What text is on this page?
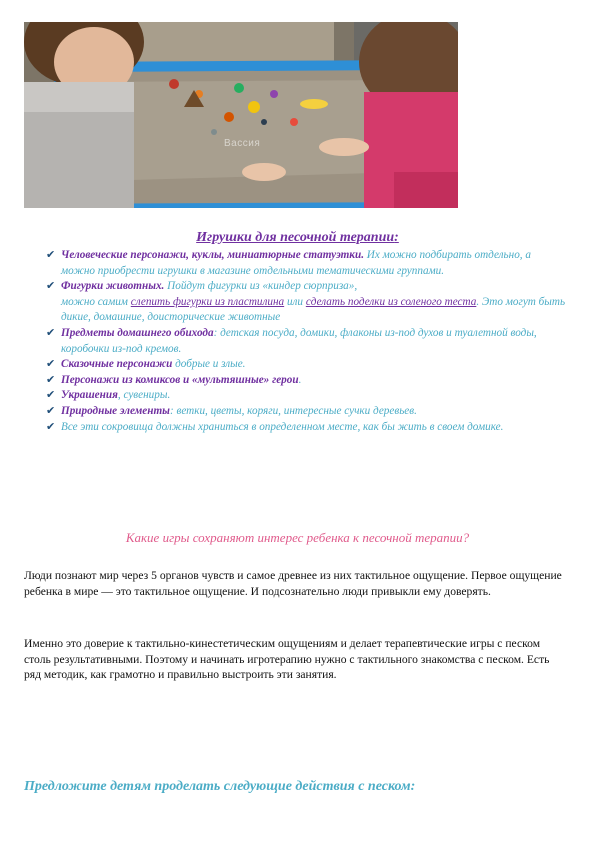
Вассия
Игрушки для песочной терапии:
✔ Человеческие персонажи, куклы, миниатюрные статуэтки. Их можно подбирать отдельно, а можно приобрести игрушки в магазине отдельными тематическими группами.
✔ Фигурки животных. Пойдут фигурки из «киндер сюрприза»,
можно самим слепить фигурки из пластилина или сделать поделки из соленого теста. Это могут быть дикие, домашние, доисторические животные
✔ Предметы домашнего обихода: детская посуда, домики, флаконы из-под духов и туалетной воды, коробочки из-под кремов.
✔ Сказочные персонажи добрые и злые.
✔ Персонажи из комиксов и «мультяшные» герои.
✔ Украшения, сувениры.
✔ Природные элементы: ветки, цветы, коряги, интересные сучки деревьев.
✔ Все эти сокровища должны храниться в определенном месте, как бы жить в своем домике.
Какие игры сохраняют интерес ребенка к песочной терапии?

Люди познают мир через 5 органов чувств и самое древнее из них тактильное ощущение. Первое ощущение ребенка в мире — это тактильное ощущение. И подсознательно люди привыкли ему доверять.

Именно это доверие к тактильно-кинестетическим ощущениям и делает терапевтические игры с песком столь результативными. Поэтому и начинать игротерапию нужно с тактильного знакомства с песком. Есть ряд методик, как грамотно и правильно выстроить эти занятия.

Предложите детям проделать следующие действия с песком:
